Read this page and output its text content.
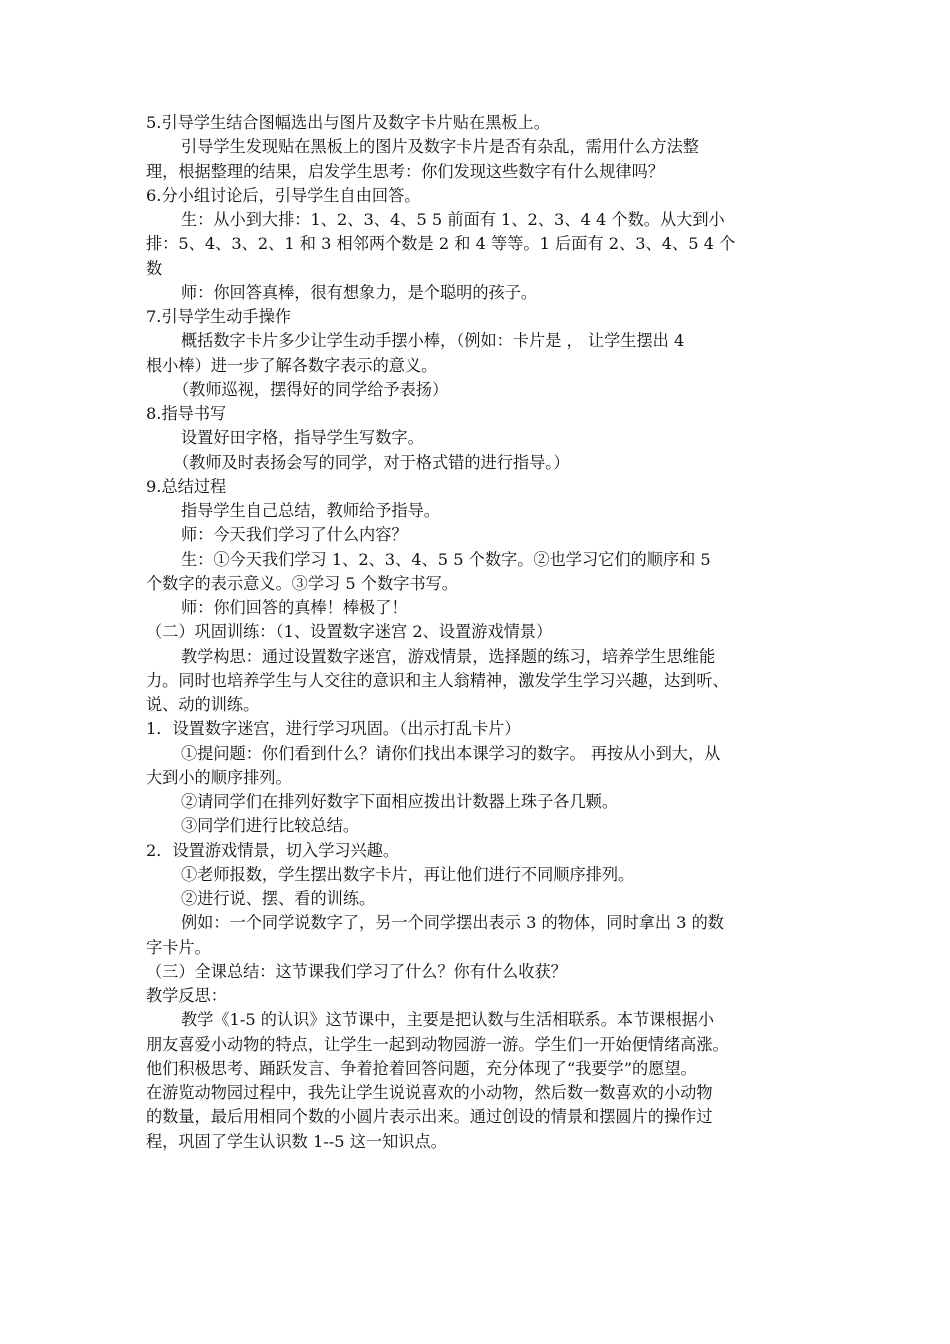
5.引导学生结合图幅选出与图片及数字卡片贴在黑板上。
引导学生发现贴在黑板上的图片及数字卡片是否有杂乱，需用什么方法整
理，根据整理的结果，启发学生思考：你们发现这些数字有什么规律吗？
6.分小组讨论后，引导学生自由回答。
生：从小到大排：1、2、3、4、5 5 前面有 1、2、3、4 4 个数。从大到小
排：5、4、3、2、1 和 3 相邻两个数是 2 和 4 等等。1 后面有 2、3、4、5 4 个
数
师：你回答真棒，很有想象力，是个聪明的孩子。
7.引导学生动手操作
概括数字卡片多少让学生动手摆小棒，（例如：卡片是 ， 让学生摆出 4
根小棒）进一步了解各数字表示的意义。
（教师巡视，摆得好的同学给予表扬）
8.指导书写
设置好田字格，指导学生写数字。
（教师及时表扬会写的同学，对于格式错的进行指导。）
9.总结过程
指导学生自己总结，教师给予指导。
师：今天我们学习了什么内容？
生：①今天我们学习 1、2、3、4、5 5 个数字。②也学习它们的顺序和 5
个数字的表示意义。③学习 5 个数字书写。
师：你们回答的真棒！棒极了！
（二）巩固训练：（1、设置数字迷宫 2、设置游戏情景）
教学构思：通过设置数字迷宫，游戏情景，选择题的练习，培养学生思维能
力。同时也培养学生与人交往的意识和主人翁精神，激发学生学习兴趣，达到听、
说、动的训练。
1．设置数字迷宫，进行学习巩固。（出示打乱卡片）
①提问题：你们看到什么？请你们找出本课学习的数字。 再按从小到大，从
大到小的顺序排列。
②请同学们在排列好数字下面相应拨出计数器上珠子各几颗。
③同学们进行比较总结。
2．设置游戏情景，切入学习兴趣。
①老师报数，学生摆出数字卡片，再让他们进行不同顺序排列。
②进行说、摆、看的训练。
例如：一个同学说数字了，另一个同学摆出表示 3 的物体，同时拿出 3 的数
字卡片。
（三）全课总结：这节课我们学习了什么？你有什么收获？
教学反思：
教学《1-5 的认识》这节课中，主要是把认数与生活相联系。本节课根据小
朋友喜爱小动物的特点，让学生一起到动物园游一游。学生们一开始便情绪高涨。
他们积极思考、踊跃发言、争着抢着回答问题，充分体现了“我要学”的愿望。
在游览动物园过程中，我先让学生说说喜欢的小动物，然后数一数喜欢的小动物
的数量，最后用相同个数的小圆片表示出来。通过创设的情景和摆圆片的操作过
程，巩固了学生认识数 1--5 这一知识点。
